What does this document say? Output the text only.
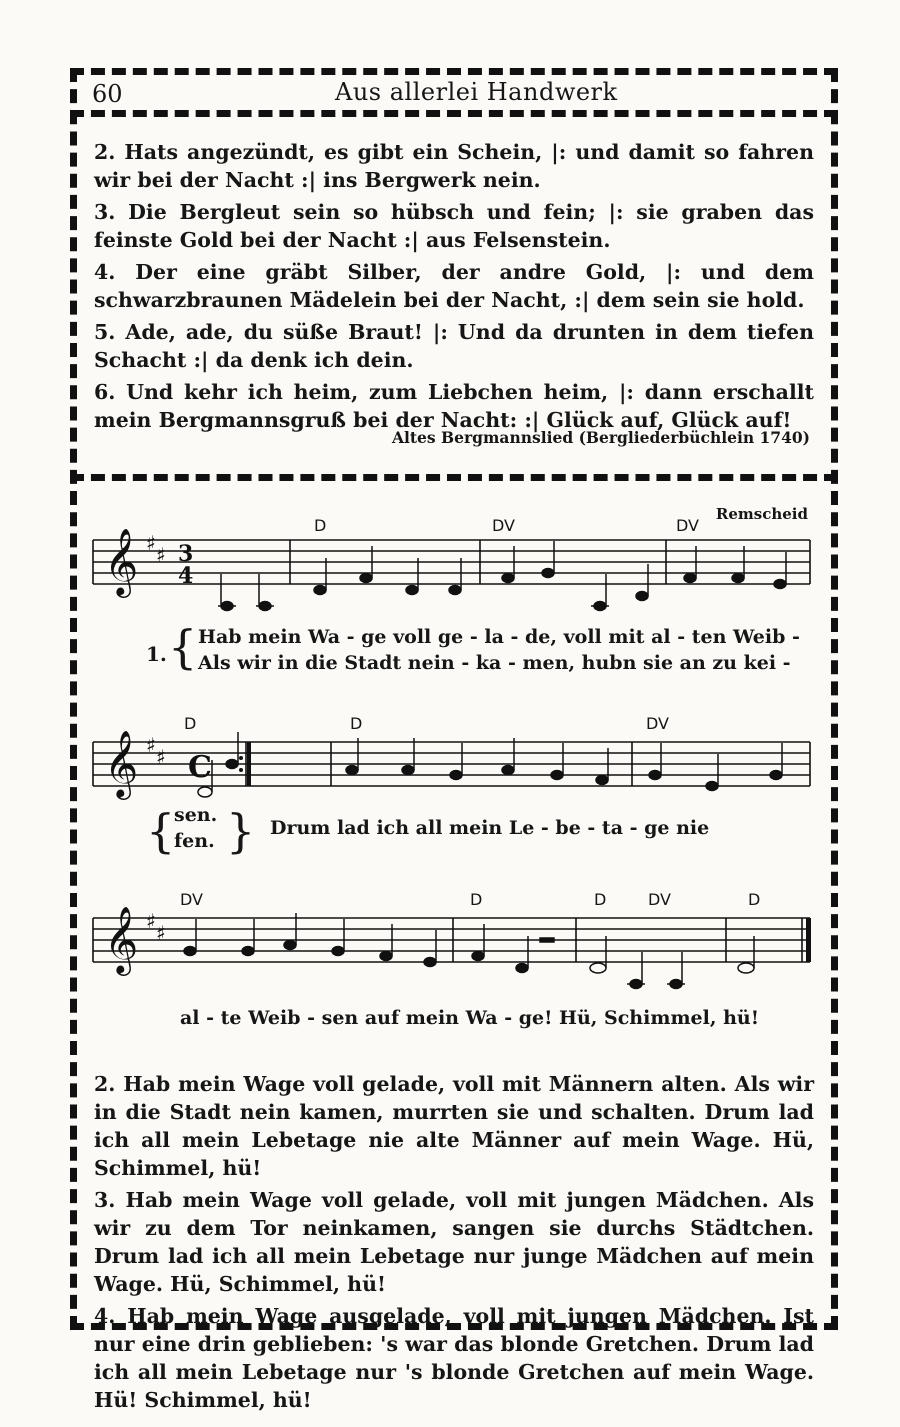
60	Aus allerlei Handwerk

2. Hats angezündt, es gibt ein Schein, |: und damit so fahren wir bei der Nacht :| ins Bergwerk nein.

3. Die Bergleut sein so hübsch und fein; |: sie graben das feinste Gold bei der Nacht :| aus Felsenstein.

4. Der eine gräbt Silber, der andre Gold, |: und dem schwarzbraunen Mädelein bei der Nacht, :| dem sein sie hold.

5. Ade, ade, du süße Braut! |: Und da drunten in dem tiefen Schacht :| da denk ich dein.

6. Und kehr ich heim, zum Liebchen heim, |: dann erschallt mein Bergmannsgruß bei der Nacht: :| Glück auf, Glück auf!

Altes Bergmannslied (Bergliederbüchlein 1740)
Remscheid
D	DV	DV
D	D	DV
DV	D	D	DV	D
𝄞
𝄞
𝄞
♯ ♯
♯ ♯
♯ ♯
3
4
C
1. { Hab mein Wa - ge voll ge - la - de, voll mit al - ten Weib -
Als wir in die Stadt nein - ka - men, hubn sie an zu kei -
{
sen.
fen. } Drum lad ich all mein Le - be - ta - ge nie
al - te Weib - sen auf mein Wa - ge! Hü, Schimmel, hü!

2. Hab mein Wage voll gelade, voll mit Männern alten. Als wir in die Stadt nein kamen, murrten sie und schalten. Drum lad ich all mein Lebetage nie alte Männer auf mein Wage. Hü, Schimmel, hü!

3. Hab mein Wage voll gelade, voll mit jungen Mädchen. Als wir zu dem Tor neinkamen, sangen sie durchs Städtchen. Drum lad ich all mein Lebetage nur junge Mädchen auf mein Wage. Hü, Schimmel, hü!

4. Hab mein Wage ausgelade, voll mit jungen Mädchen. Ist nur eine drin geblieben: 's war das blonde Gretchen. Drum lad ich all mein Lebetage nur 's blonde Gretchen auf mein Wage. Hü! Schimmel, hü!
